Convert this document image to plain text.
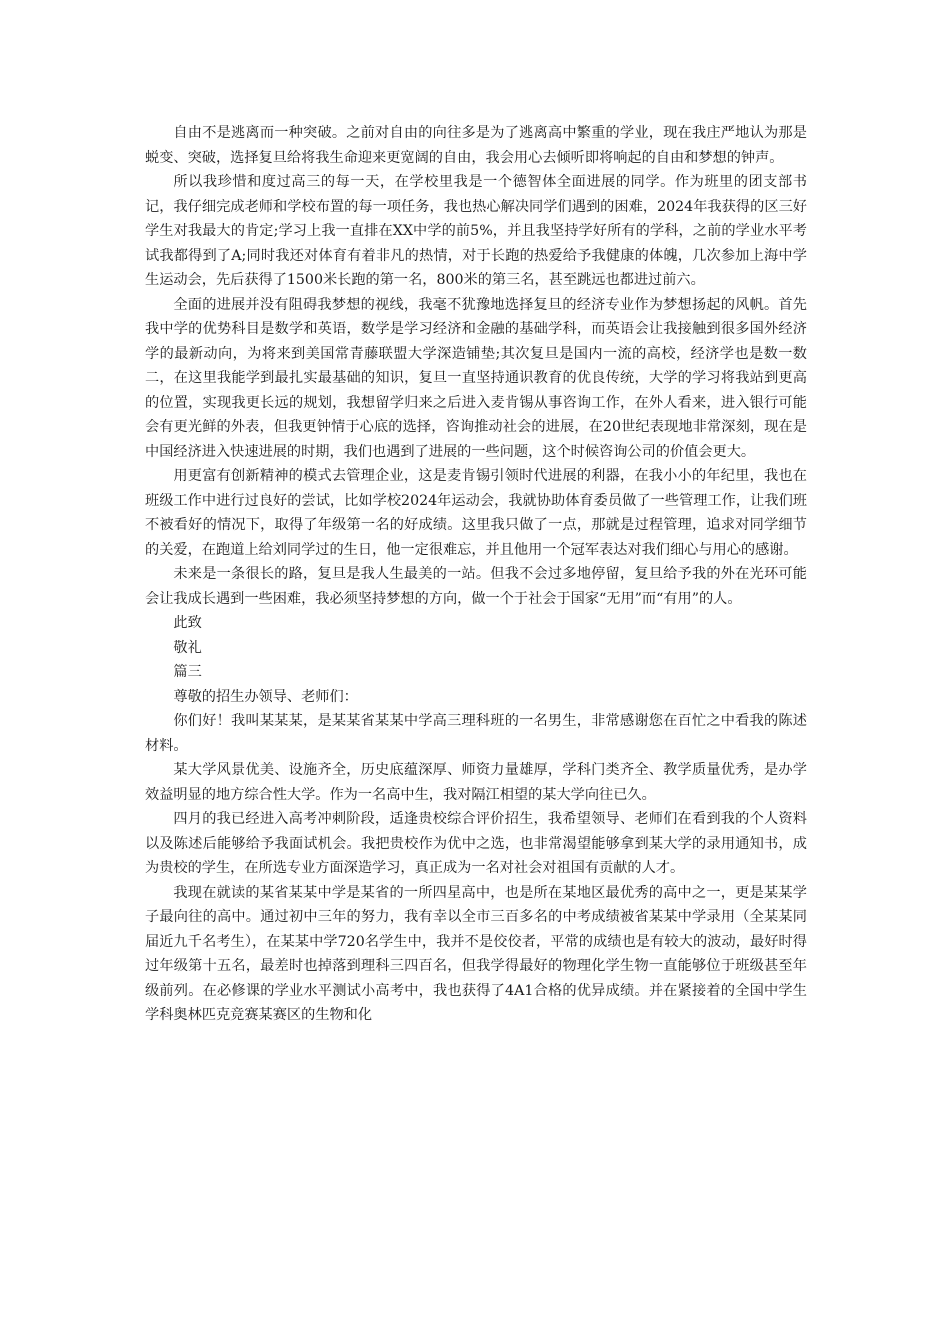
自由不是逃离而一种突破。之前对自由的向往多是为了逃离高中繁重的学业，现在我庄严地认为那是蜕变、突破，选择复旦给将我生命迎来更宽阔的自由，我会用心去倾听即将响起的自由和梦想的钟声。

所以我珍惜和度过高三的每一天，在学校里我是一个德智体全面进展的同学。作为班里的团支部书记，我仔细完成老师和学校布置的每一项任务，我也热心解决同学们遇到的困难，2024年我获得的区三好学生对我最大的肯定;学习上我一直排在XX中学的前5%，并且我坚持学好所有的学科，之前的学业水平考试我都得到了A;同时我还对体育有着非凡的热情，对于长跑的热爱给予我健康的体魄，几次参加上海中学生运动会，先后获得了1500米长跑的第一名，800米的第三名，甚至跳远也都进过前六。

全面的进展并没有阻碍我梦想的视线，我毫不犹豫地选择复旦的经济专业作为梦想扬起的风帆。首先我中学的优势科目是数学和英语，数学是学习经济和金融的基础学科，而英语会让我接触到很多国外经济学的最新动向，为将来到美国常青藤联盟大学深造铺垫;其次复旦是国内一流的高校，经济学也是数一数二，在这里我能学到最扎实最基础的知识，复旦一直坚持通识教育的优良传统，大学的学习将我站到更高的位置，实现我更长远的规划，我想留学归来之后进入麦肯锡从事咨询工作，在外人看来，进入银行可能会有更光鲜的外表，但我更钟情于心底的选择，咨询推动社会的进展，在20世纪表现地非常深刻，现在是中国经济进入快速进展的时期，我们也遇到了进展的一些问题，这个时候咨询公司的价值会更大。

用更富有创新精神的模式去管理企业，这是麦肯锡引领时代进展的利器，在我小小的年纪里，我也在班级工作中进行过良好的尝试，比如学校2024年运动会，我就协助体育委员做了一些管理工作，让我们班不被看好的情况下，取得了年级第一名的好成绩。这里我只做了一点，那就是过程管理，追求对同学细节的关爱，在跑道上给刘同学过的生日，他一定很难忘，并且他用一个冠军表达对我们细心与用心的感谢。

未来是一条很长的路，复旦是我人生最美的一站。但我不会过多地停留，复旦给予我的外在光环可能会让我成长遇到一些困难，我必须坚持梦想的方向，做一个于社会于国家“无用”而“有用”的人。

此致

敬礼

篇三

尊敬的招生办领导、老师们：

你们好！我叫某某某，是某某省某某中学高三理科班的一名男生，非常感谢您在百忙之中看我的陈述材料。

某大学风景优美、设施齐全，历史底蕴深厚、师资力量雄厚，学科门类齐全、教学质量优秀，是办学效益明显的地方综合性大学。作为一名高中生，我对隔江相望的某大学向往已久。

四月的我已经进入高考冲刺阶段，适逢贵校综合评价招生，我希望领导、老师们在看到我的个人资料以及陈述后能够给予我面试机会。我把贵校作为优中之选，也非常渴望能够拿到某大学的录用通知书，成为贵校的学生，在所选专业方面深造学习，真正成为一名对社会对祖国有贡献的人才。

我现在就读的某省某某中学是某省的一所四星高中，也是所在某地区最优秀的高中之一，更是某某学子最向往的高中。通过初中三年的努力，我有幸以全市三百多名的中考成绩被省某某中学录用（全某某同届近九千名考生），在某某中学720名学生中，我并不是佼佼者，平常的成绩也是有较大的波动，最好时得过年级第十五名，最差时也掉落到理科三四百名，但我学得最好的物理化学生物一直能够位于班级甚至年级前列。在必修课的学业水平测试小高考中，我也获得了4A1合格的优异成绩。并在紧接着的全国中学生学科奥林匹克竞赛某赛区的生物和化
